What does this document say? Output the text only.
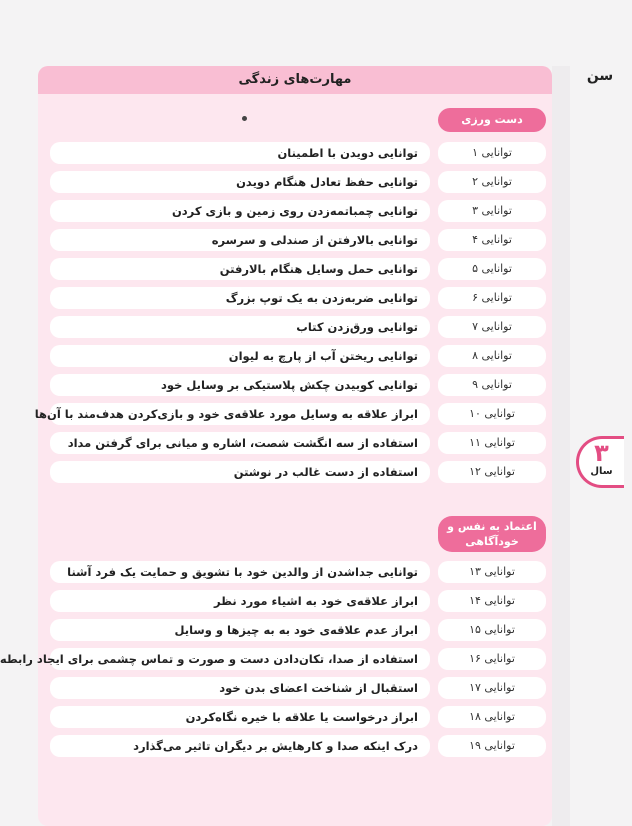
مهارت‌های زندگی	سن
۳
سال
دست ورزی
اعتماد به نفس و خودآگاهی
توانایی ۱
توانایی دویدن با اطمینان
توانایی ۲
توانایی حفظ تعادل هنگام دویدن
توانایی ۳
توانایی چمباتمه‌زدن روی زمین و بازی کردن
توانایی ۴
توانایی بالارفتن از صندلی و سرسره
توانایی ۵
توانایی حمل وسایل هنگام بالارفتن
توانایی ۶
توانایی ضربه‌زدن به یک توپ بزرگ
توانایی ۷
توانایی ورق‌زدن کتاب
توانایی ۸
توانایی ریختن آب از پارچ به لیوان
توانایی ۹
توانایی کوبیدن چکش پلاستیکی بر وسایل خود
توانایی ۱۰
ابراز علاقه به وسایل مورد علاقه‌ی خود و بازی‌کردن هدف‌مند با آن‌ها
توانایی ۱۱
استفاده از سه انگشت شصت، اشاره و میانی برای گرفتن مداد
توانایی ۱۲
استفاده از دست غالب در نوشتن
توانایی ۱۳
توانایی جداشدن از والدین خود با تشویق و حمایت یک فرد آشنا
توانایی ۱۴
ابراز علاقه‌ی خود به اشیاء مورد نظر
توانایی ۱۵
ابراز عدم علاقه‌ی خود به به چیزها و وسایل
توانایی ۱۶
استفاده از صدا، تکان‌دادن دست و صورت و تماس چشمی برای ایجاد رابطه
توانایی ۱۷
استقبال از شناخت اعضای بدن خود
توانایی ۱۸
ابراز درخواست یا علاقه با خیره نگاه‌کردن
توانایی ۱۹
درک اینکه صدا و کارهایش بر دیگران تاثیر می‌گذارد
